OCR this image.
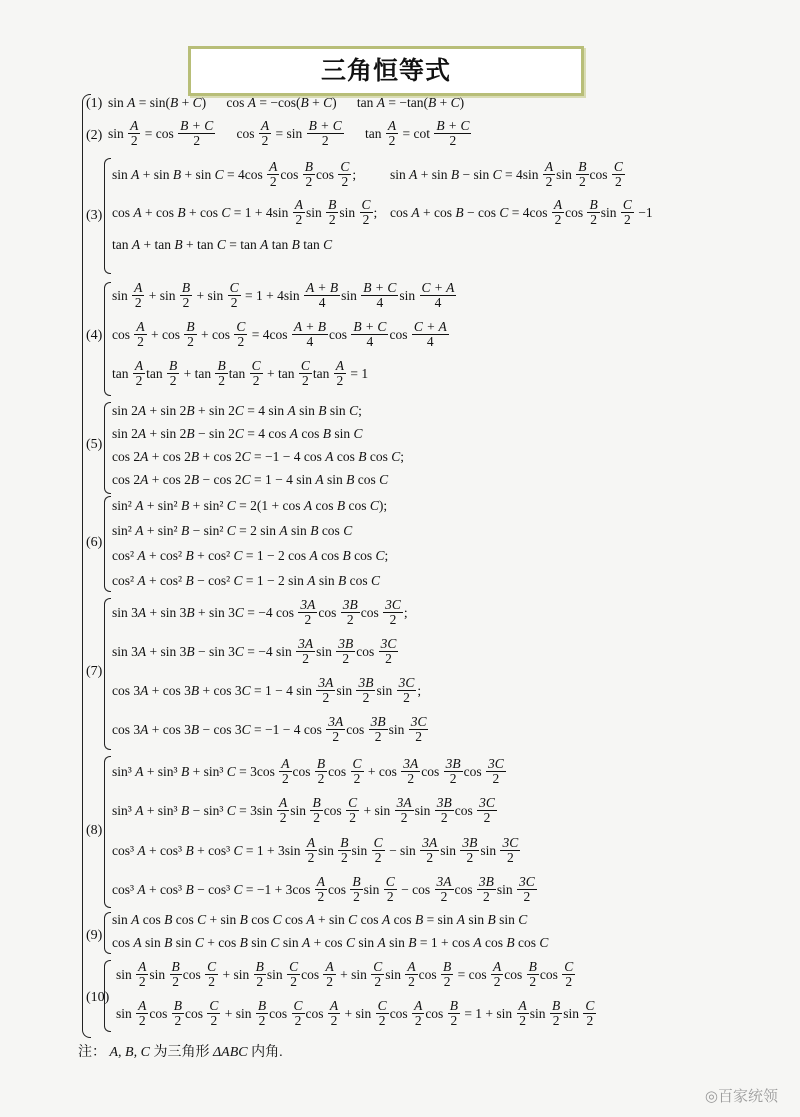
三角恒等式
(1)
(2)
(3)
(4)
(5)
(6)
(7)
(8)
(9)
(10)
sin A = sin( B + C )      cos A = −cos( B + C )      tan A = −tan( B + C )
$\sin \frac{A}{2} = \cos \frac{B + C}{2}$ $\cos \frac{A}{2} = \sin \frac{B + C}{2}$ $\tan \frac{A}{2} = \cot \frac{B + C}{2}$
$\sin A + \sin B + \sin C = 4\cos \frac{A}{2}$ $\cos \frac{B}{2}$ $\cos \frac{C}{2}$ ;	$\sin A + \sin B - \sin C = 4\sin \frac{A}{2}$ $\sin \frac{B}{2}$ $\cos \frac{C}{2}$
$\cos A + \cos B + \cos C = 1 + 4\sin \frac{A}{2}$ $\sin \frac{B}{2}$ $\sin \frac{C}{2}$ ; $\cos A + \cos B - \cos C = 4\cos \frac{A}{2}$ $\cos \frac{B}{2}$ $\sin \frac{C}{2} -1$
tan A + tan B + tan C = tan A tan B tan C
$\sin \frac{A}{2} + \sin \frac{B}{2} + \sin \frac{C}{2} = 1 + 4\sin \frac{A + B}{4}$ $\sin \frac{B + C}{4}$ $\sin \frac{C + A}{4}$
$\cos \frac{A}{2} + \cos \frac{B}{2} + \cos \frac{C}{2} = 4\cos \frac{A + B}{4}$ $\cos \frac{B + C}{4}$ $\cos \frac{C + A}{4}$
$\tan \frac{A}{2}$ $\tan \frac{B}{2} + \tan \frac{B}{2}$ $\tan \frac{C}{2} + \tan \frac{C}{2}$ $\tan \frac{A}{2} = 1$
sin 2 A + sin 2 B + sin 2 C = 4 sin A sin B sin C ;
sin 2 A + sin 2 B − sin 2 C = 4 cos A cos B sin C
cos 2 A + cos 2 B + cos 2 C = −1 − 4 cos A cos B cos C ;
cos 2 A + cos 2 B − cos 2 C = 1 − 4 sin A sin B cos C
sin² A + sin² B + sin² C = 2(1 + cos A cos B cos C );
sin² A + sin² B − sin² C = 2 sin A sin B cos C
cos² A + cos² B + cos² C = 1 − 2 cos A cos B cos C ;
cos² A + cos² B − cos² C = 1 − 2 sin A sin B cos C
sin 3 A + sin 3 B + sin 3 C = −4 $\cos \frac{3A}{2}$ $\cos \frac{3B}{2}$ $\cos \frac{3C}{2}$ ;
sin 3 A + sin 3 B − sin 3 C = −4 $\sin \frac{3A}{2}$ $\sin \frac{3B}{2}$ $\cos \frac{3C}{2}$
cos 3 A + cos 3 B + cos 3 C = 1 − 4 $\sin \frac{3A}{2}$ $\sin \frac{3B}{2}$ $\sin \frac{3C}{2}$ ;
cos 3 A + cos 3 B − cos 3 C = −1 − 4 $\cos \frac{3A}{2}$ $\cos \frac{3B}{2}$ $\sin \frac{3C}{2}$
sin³ A + sin³ B + sin³ $C = 3\cos \frac{A}{2}$ $\cos \frac{B}{2}$ $\cos \frac{C}{2} + \cos \frac{3A}{2}$ $\cos \frac{3B}{2}$ $\cos \frac{3C}{2}$
sin³ A + sin³ B − sin³ $C = 3\sin \frac{A}{2}$ $\sin \frac{B}{2}$ $\cos \frac{C}{2} + \sin \frac{3A}{2}$ $\sin \frac{3B}{2}$ $\cos \frac{3C}{2}$
cos³ A + cos³ B + cos³ $C = 1 + 3\sin \frac{A}{2}$ $\sin \frac{B}{2}$ $\sin \frac{C}{2} - \sin \frac{3A}{2}$ $\sin \frac{3B}{2}$ $\sin \frac{3C}{2}$
cos³ A + cos³ B − cos³ $C = -1 + 3\cos \frac{A}{2}$ $\cos \frac{B}{2}$ $\sin \frac{C}{2} - \cos \frac{3A}{2}$ $\cos \frac{3B}{2}$ $\sin \frac{3C}{2}$
sin A cos B cos C + sin B cos C cos A + sin C cos A cos B = sin A sin B sin C
cos A sin B sin C + cos B sin C sin A + cos C sin A sin B = 1 + cos A cos B cos C
$\sin \frac{A}{2}$ $\sin \frac{B}{2}$ $\cos \frac{C}{2} + \sin \frac{B}{2}$ $\sin \frac{C}{2}$ $\cos \frac{A}{2} + \sin \frac{C}{2}$ $\sin \frac{A}{2}$ $\cos \frac{B}{2} = \cos \frac{A}{2}$ $\cos \frac{B}{2}$ $\cos \frac{C}{2}$
$\sin \frac{A}{2}$ $\cos \frac{B}{2}$ $\cos \frac{C}{2} + \sin \frac{B}{2}$ $\cos \frac{C}{2}$ $\cos \frac{A}{2} + \sin \frac{C}{2}$ $\cos \frac{A}{2}$ $\cos \frac{B}{2} = 1 + \sin \frac{A}{2}$ $\sin \frac{B}{2}$ $\sin \frac{C}{2}$
注： A, B, C 为三角形 ΔABC 内角.
◎百家统领
